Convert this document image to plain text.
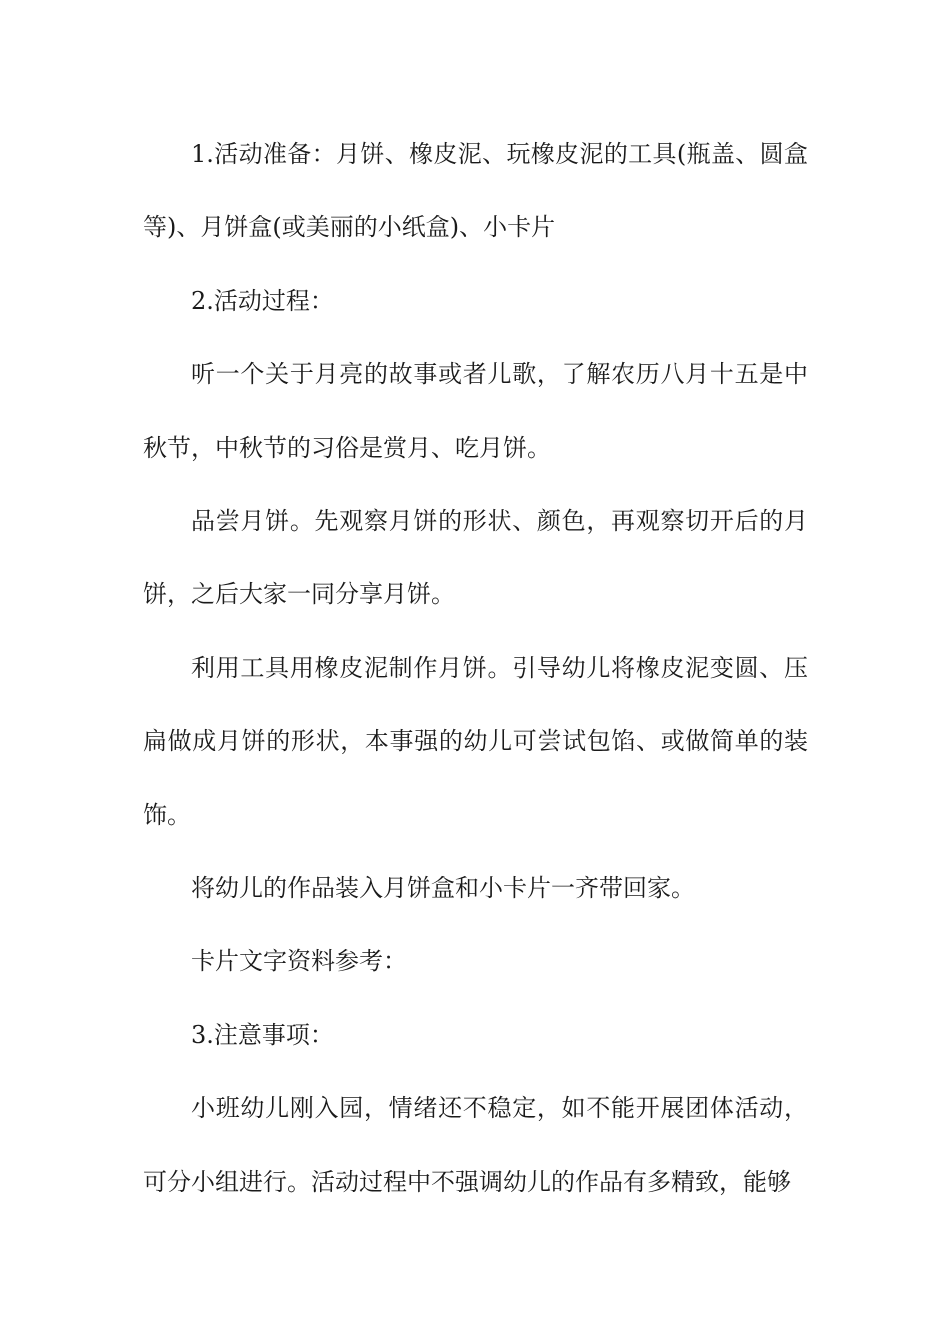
1.活动准备：月饼、橡皮泥、玩橡皮泥的工具(瓶盖、圆盒等)、月饼盒(或美丽的小纸盒)、小卡片

2.活动过程：

听一个关于月亮的故事或者儿歌，了解农历八月十五是中秋节，中秋节的习俗是赏月、吃月饼。

品尝月饼。先观察月饼的形状、颜色，再观察切开后的月饼，之后大家一同分享月饼。

利用工具用橡皮泥制作月饼。引导幼儿将橡皮泥变圆、压扁做成月饼的形状，本事强的幼儿可尝试包馅、或做简单的装饰。

将幼儿的作品装入月饼盒和小卡片一齐带回家。

卡片文字资料参考：

3.注意事项：

小班幼儿刚入园，情绪还不稳定，如不能开展团体活动，可分小组进行。活动过程中不强调幼儿的作品有多精致，能够
